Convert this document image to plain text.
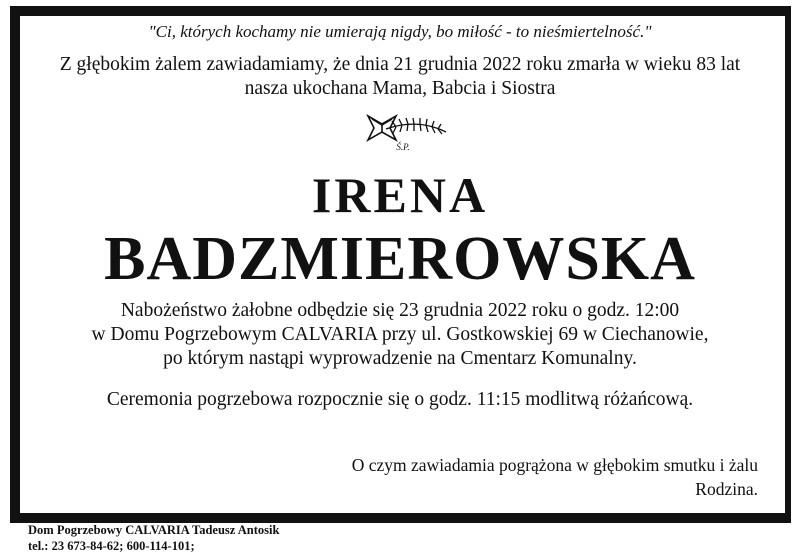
"Ci, których kochamy nie umierają nigdy, bo miłość - to nieśmiertelność."
Z głębokim żalem zawiadamiamy, że dnia 21 grudnia 2022 roku zmarła w wieku 83 lat
nasza ukochana Mama, Babcia i Siostra
Ś.P.
IRENA
BADZMIEROWSKA
Nabożeństwo żałobne odbędzie się 23 grudnia 2022 roku o godz. 12:00
w Domu Pogrzebowym CALVARIA przy ul. Gostkowskiej 69 w Ciechanowie,
po którym nastąpi wyprowadzenie na Cmentarz Komunalny.
Ceremonia pogrzebowa rozpocznie się o godz. 11:15 modlitwą różańcową.
O czym zawiadamia pogrążona w głębokim smutku i żalu
Rodzina.
Dom Pogrzebowy CALVARIA Tadeusz Antosik
tel.: 23 673-84-62; 600-114-101;
